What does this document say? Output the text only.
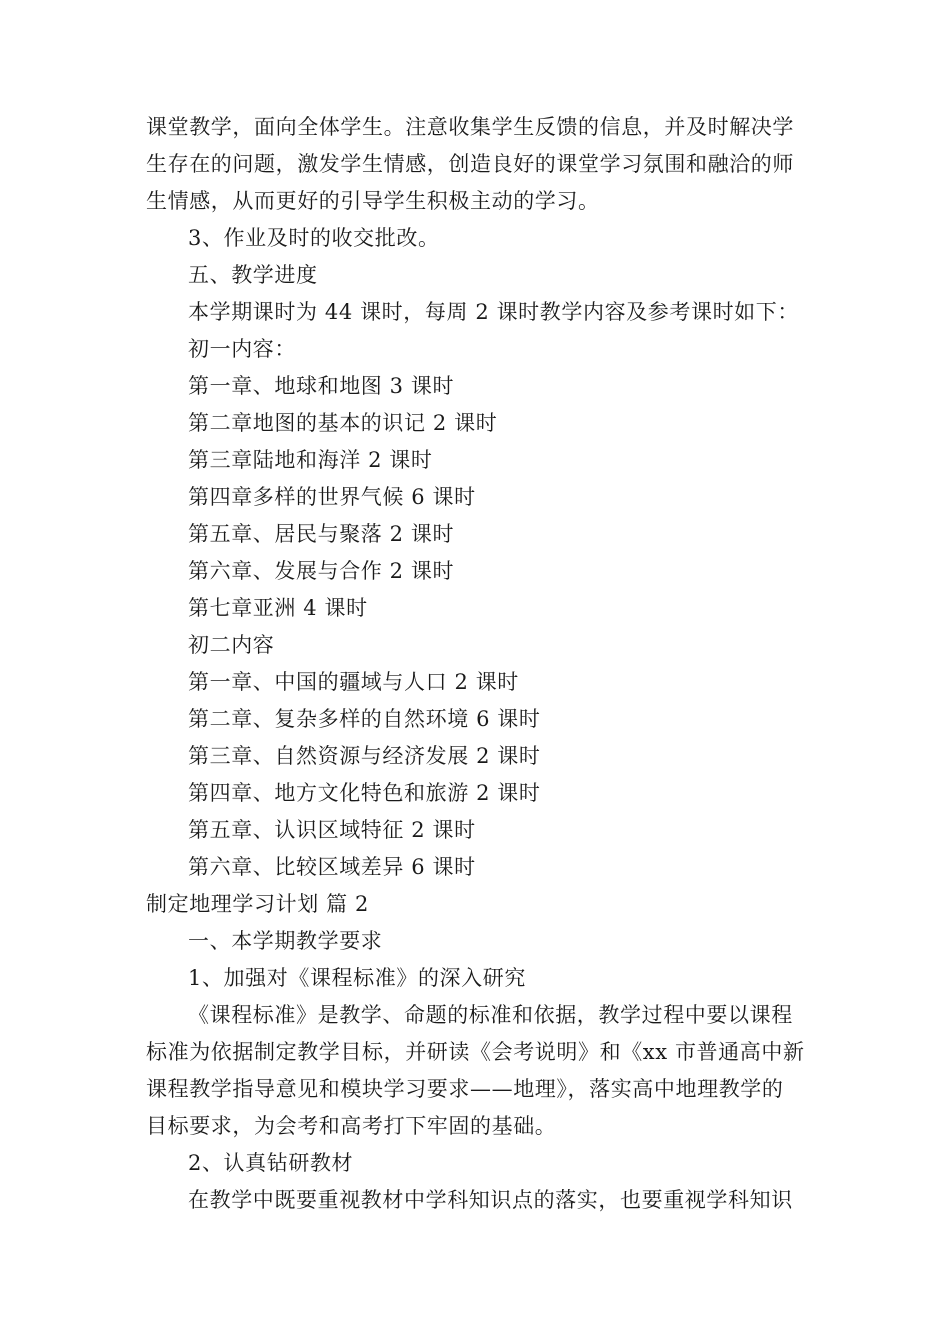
课堂教学，面向全体学生。注意收集学生反馈的信息，并及时解决学
生存在的问题，激发学生情感，创造良好的课堂学习氛围和融洽的师
生情感，从而更好的引导学生积极主动的学习。
3、作业及时的收交批改。
五、教学进度
本学期课时为 44 课时，每周 2 课时教学内容及参考课时如下：
初一内容：
第一章、地球和地图 3 课时
第二章地图的基本的识记 2 课时
第三章陆地和海洋 2 课时
第四章多样的世界气候 6 课时
第五章、居民与聚落 2 课时
第六章、发展与合作 2 课时
第七章亚洲 4 课时
初二内容
第一章、中国的疆域与人口 2 课时
第二章、复杂多样的自然环境 6 课时
第三章、自然资源与经济发展 2 课时
第四章、地方文化特色和旅游 2 课时
第五章、认识区域特征 2 课时
第六章、比较区域差异 6 课时
制定地理学习计划 篇 2
一、本学期教学要求
1、加强对《课程标准》的深入研究
《课程标准》是教学、命题的标准和依据，教学过程中要以课程
标准为依据制定教学目标，并研读《会考说明》和《xx 市普通高中新
课程教学指导意见和模块学习要求——地理》，落实高中地理教学的
目标要求，为会考和高考打下牢固的基础。
2、认真钻研教材
在教学中既要重视教材中学科知识点的落实，也要重视学科知识
